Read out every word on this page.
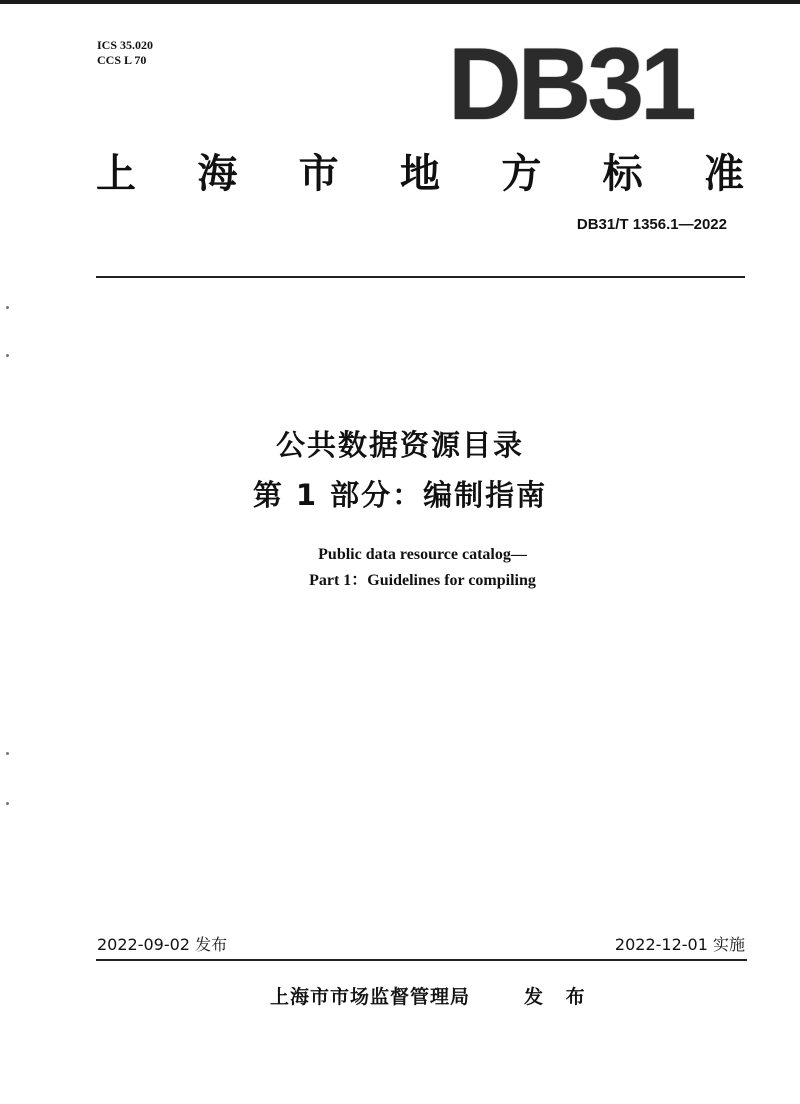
ICS 35.020
CCS L 70	DB31
上 海 市 地 方 标 准
DB31/T 1356.1—2022
公共数据资源目录
第 1 部分：编制指南
Public data resource catalog—
Part 1：Guidelines for compiling
2022-09-02 发布	2022-12-01 实施
上海市市场监督管理局	发 布
